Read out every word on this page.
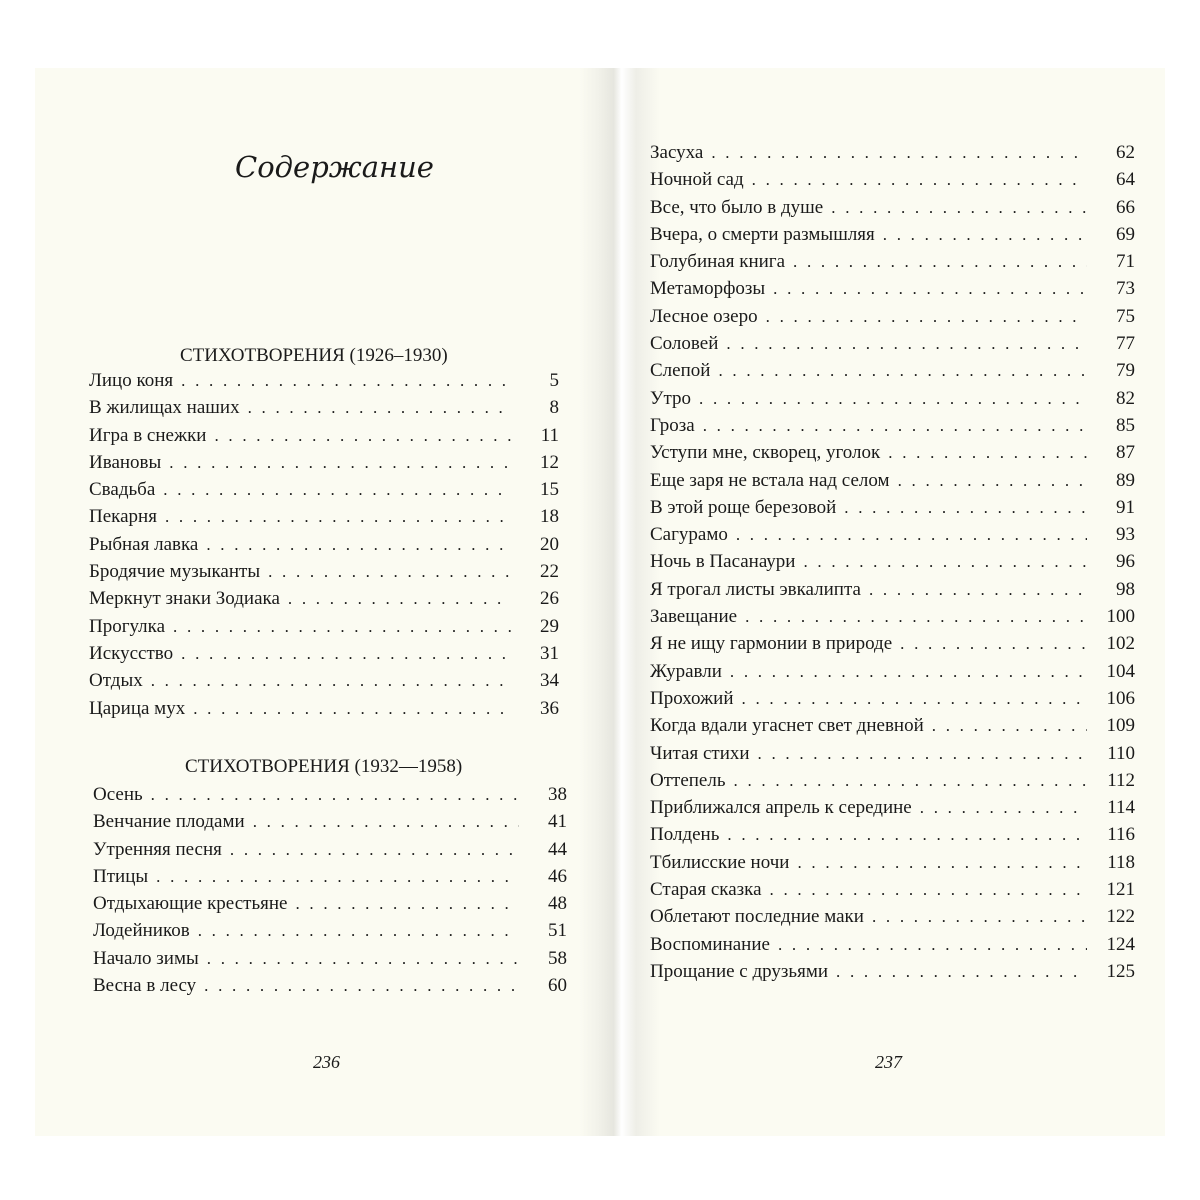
Содержание
СТИХОТВОРЕНИЯ (1926–1930)
Лицо коня . . .	5
В жилищах наших . . .	8
Игра в снежки . . .	11
Ивановы . . .	12
Свадьба . . .	15
Пекарня . . .	18
Рыбная лавка . . .	20
Бродячие музыканты . . .	22
Меркнут знаки Зодиака . . .	26
Прогулка . . .	29
Искусство . . .	31
Отдых . . .	34
Царица мух . . .	36
СТИХОТВОРЕНИЯ (1932—1958)
Осень . . .	38
Венчание плодами . . .	41
Утренняя песня . . .	44
Птицы . . .	46
Отдыхающие крестьяне . . .	48
Лодейников . . .	51
Начало зимы . . .	58
Весна в лесу . . .	60
236
Засуха . . .	62
Ночной сад . . .	64
Все, что было в душе . . .	66
Вчера, о смерти размышляя . . .	69
Голубиная книга . . .	71
Метаморфозы . . .	73
Лесное озеро . . .	75
Соловей . . .	77
Слепой . . .	79
Утро . . .	82
Гроза . . .	85
Уступи мне, скворец, уголок . . .	87
Еще заря не встала над селом . . .	89
В этой роще березовой . . .	91
Сагурамо . . .	93
Ночь в Пасанаури . . .	96
Я трогал листы эвкалипта . . .	98
Завещание . . .	100
Я не ищу гармонии в природе . . .	102
Журавли . . .	104
Прохожий . . .	106
Когда вдали угаснет свет дневной . . .	109
Читая стихи . . .	110
Оттепель . . .	112
Приближался апрель к середине . . .	114
Полдень . . .	116
Тбилисские ночи . . .	118
Старая сказка . . .	121
Облетают последние маки . . .	122
Воспоминание . . .	124
Прощание с друзьями . . .	125
237
